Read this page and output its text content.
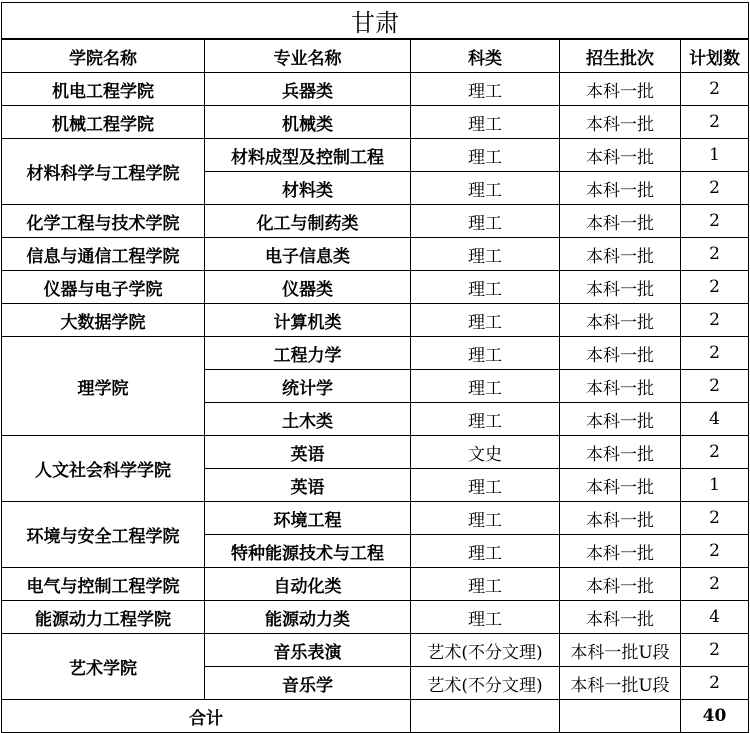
甘肃				
学院名称	专业名称	科类	招生批次	计划数
机电工程学院	兵器类	理工	本科一批	2
机械工程学院	机械类	理工	本科一批	2
材料科学与工程学院	材料成型及控制工程	理工	本科一批	1
	材料类	理工	本科一批	2
化学工程与技术学院	化工与制药类	理工	本科一批	2
信息与通信工程学院	电子信息类	理工	本科一批	2
仪器与电子学院	仪器类	理工	本科一批	2
大数据学院	计算机类	理工	本科一批	2
理学院	工程力学	理工	本科一批	2
	统计学	理工	本科一批	2
	土木类	理工	本科一批	4
人文社会科学学院	英语	文史	本科一批	2
	英语	理工	本科一批	1
环境与安全工程学院	环境工程	理工	本科一批	2
	特种能源技术与工程	理工	本科一批	2
电气与控制工程学院	自动化类	理工	本科一批	2
能源动力工程学院	能源动力类	理工	本科一批	4
艺术学院	音乐表演	艺术(不分文理)	本科一批U段	2
	音乐学	艺术(不分文理)	本科一批U段	2
合计				40
